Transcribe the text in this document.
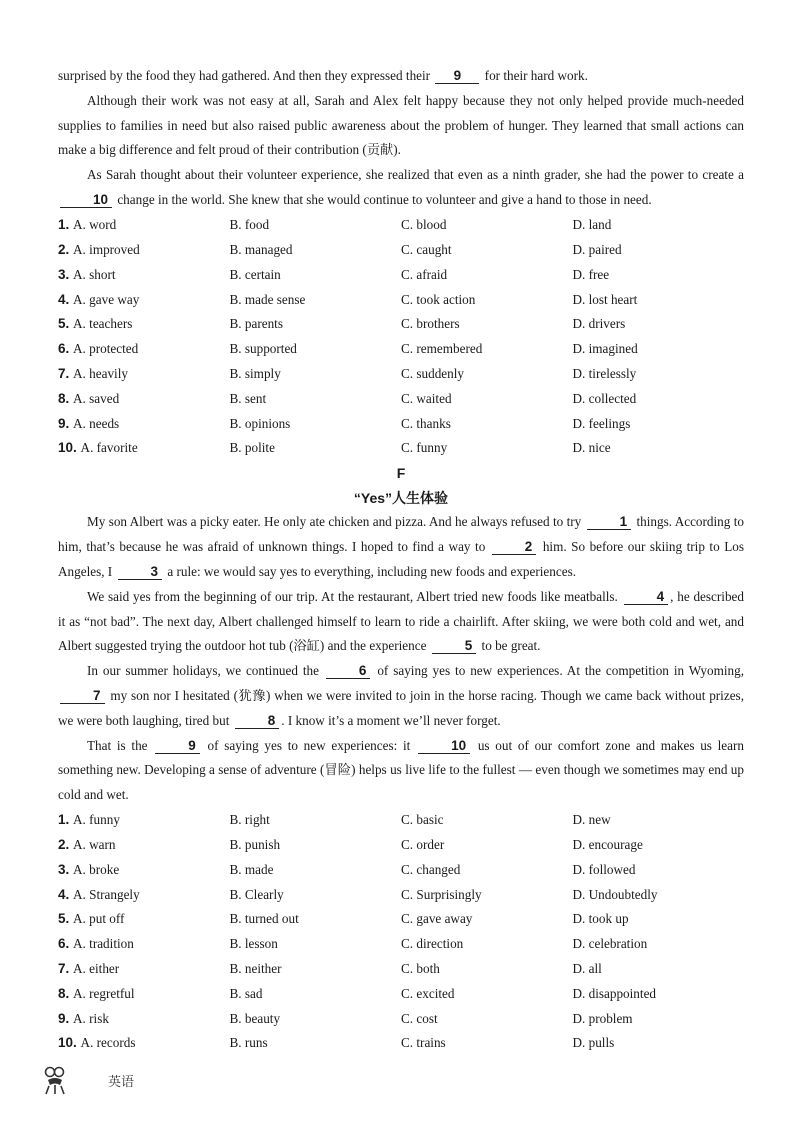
surprised by the food they had gathered. And then they expressed their 9 for their hard work.

Although their work was not easy at all, Sarah and Alex felt happy because they not only helped provide much-needed supplies to families in need but also raised public awareness about the problem of hunger. They learned that small actions can make a big difference and felt proud of their contribution (贡献).

As Sarah thought about their volunteer experience, she realized that even as a ninth grader, she had the power to create a 10 change in the world. She knew that she would continue to volunteer and give a hand to those in need.

1. A. word	B. food	C. blood	D. land
2. A. improved	B. managed	C. caught	D. paired
3. A. short	B. certain	C. afraid	D. free
4. A. gave way	B. made sense	C. took action	D. lost heart
5. A. teachers	B. parents	C. brothers	D. drivers
6. A. protected	B. supported	C. remembered	D. imagined
7. A. heavily	B. simply	C. suddenly	D. tirelessly
8. A. saved	B. sent	C. waited	D. collected
9. A. needs	B. opinions	C. thanks	D. feelings
10. A. favorite	B. polite	C. funny	D. nice
F
“Yes”人生体验

My son Albert was a picky eater. He only ate chicken and pizza. And he always refused to try	1 things. According to him, that’s because he was afraid of unknown things. I hoped to find a way to	2 him. So before our skiing trip to Los Angeles, I	3 a rule: we would say yes to everything, including new foods and experiences.

We said yes from the beginning of our trip. At the restaurant, Albert tried new foods like meatballs.	4 , he described it as “not bad”. The next day, Albert challenged himself to learn to ride a chairlift. After skiing, we were both cold and wet, and Albert suggested trying the outdoor hot tub (浴缸) and the experience	5 to be great.

In our summer holidays, we continued the	6 of saying yes to new experiences. At the competition in Wyoming, 7 my son nor I hesitated (犹豫) when we were invited to join in the horse racing. Though we came back without prizes, we were both laughing, tired but	8 . I know it’s a moment we’ll never forget.

That is the	9 of saying yes to new experiences: it	10 us out of our comfort zone and makes us learn something new. Developing a sense of adventure (冒险) helps us live life to the fullest — even though we sometimes may end up cold and wet.

1. A. funny	B. right	C. basic	D. new
2. A. warn	B. punish	C. order	D. encourage
3. A. broke	B. made	C. changed	D. followed
4. A. Strangely	B. Clearly	C. Surprisingly	D. Undoubtedly
5. A. put off	B. turned out	C. gave away	D. took up
6. A. tradition	B. lesson	C. direction	D. celebration
7. A. either	B. neither	C. both	D. all
8. A. regretful	B. sad	C. excited	D. disappointed
9. A. risk	B. beauty	C. cost	D. problem
10. A. records	B. runs	C. trains	D. pulls
英语
